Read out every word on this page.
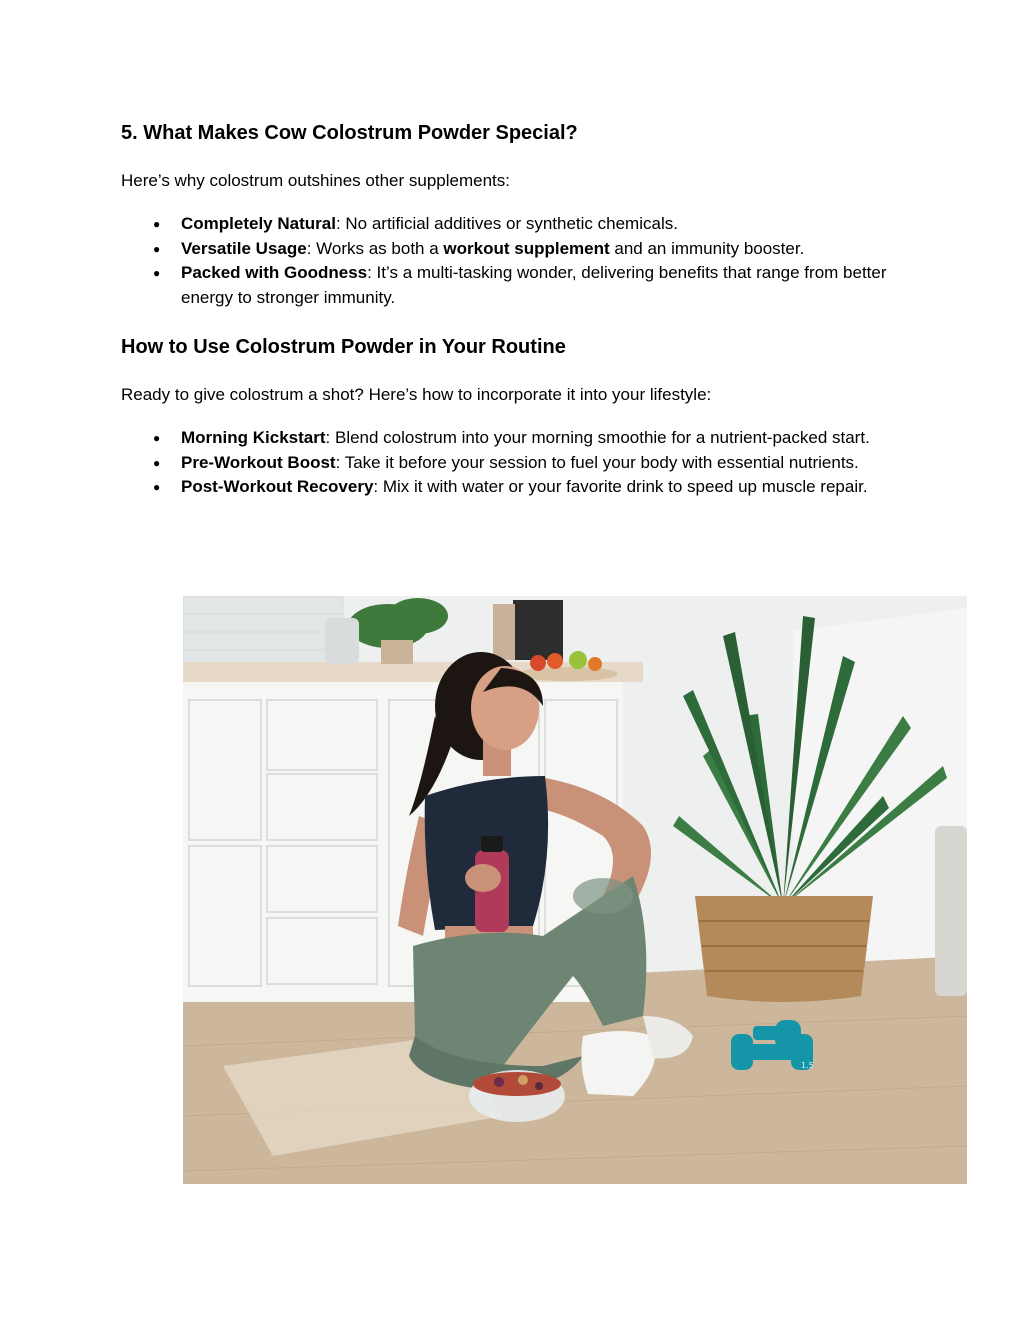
5. What Makes Cow Colostrum Powder Special?

Here’s why colostrum outshines other supplements:

● Completely Natural: No artificial additives or synthetic chemicals.
● Versatile Usage: Works as both a workout supplement and an immunity booster.
● Packed with Goodness: It’s a multi-tasking wonder, delivering benefits that range from better energy to stronger immunity.
How to Use Colostrum Powder in Your Routine

Ready to give colostrum a shot? Here’s how to incorporate it into your lifestyle:

● Morning Kickstart: Blend colostrum into your morning smoothie for a nutrient-packed start.
● Pre-Workout Boost: Take it before your session to fuel your body with essential nutrients.
● Post-Workout Recovery: Mix it with water or your favorite drink to speed up muscle repair.
1.5
